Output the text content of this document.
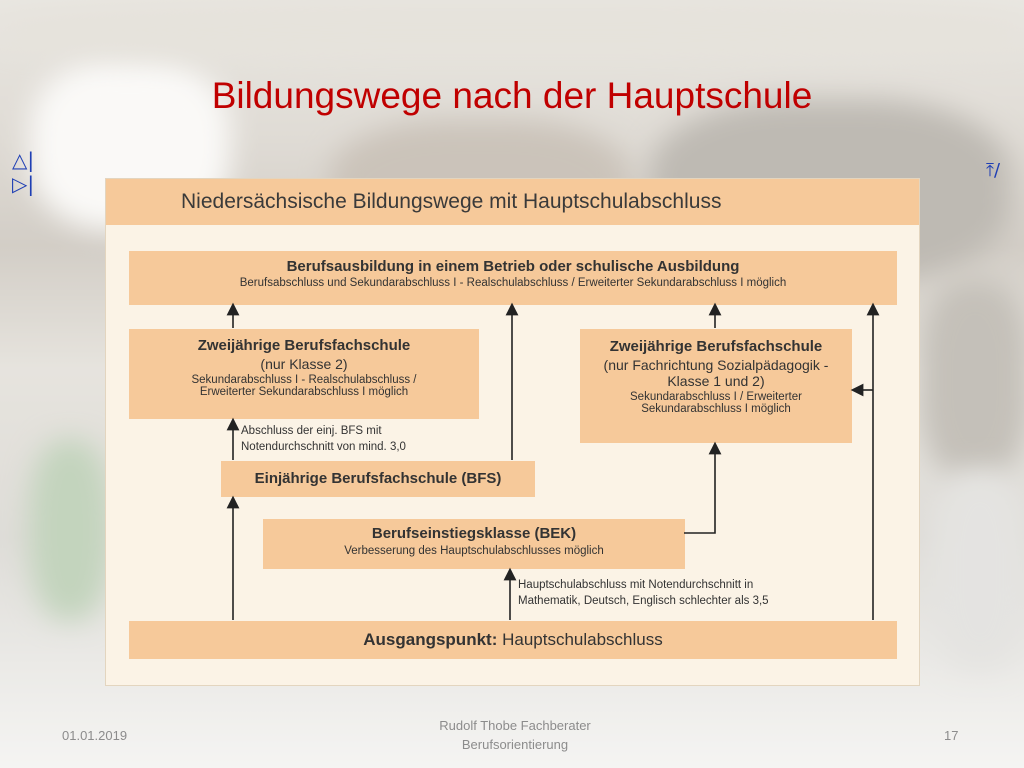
Bildungswege nach der Hauptschule
△|
▷|
⤒/
Niedersächsische Bildungswege mit Hauptschulabschluss
Berufsausbildung in einem Betrieb oder schulische Ausbildung
Berufsabschluss und Sekundarabschluss I - Realschulabschluss / Erweiterter Sekundarabschluss I möglich
Zweijährige Berufsfachschule
(nur Klasse 2)
Sekundarabschluss I - Realschulabschluss /
Erweiterter Sekundarabschluss I möglich
Zweijährige Berufsfachschule
(nur Fachrichtung Sozialpädagogik -
Klasse 1 und 2)
Sekundarabschluss I / Erweiterter
Sekundarabschluss I möglich
Abschluss der einj. BFS mit
Notendurchschnitt von mind. 3,0
Einjährige Berufsfachschule (BFS)
Berufseinstiegsklasse (BEK)
Verbesserung des Hauptschulabschlusses möglich
Hauptschulabschluss mit Notendurchschnitt in
Mathematik, Deutsch, Englisch schlechter als 3,5
Ausgangspunkt: Hauptschulabschluss
01.01.2019
Rudolf Thobe Fachberater
Berufsorientierung
17
